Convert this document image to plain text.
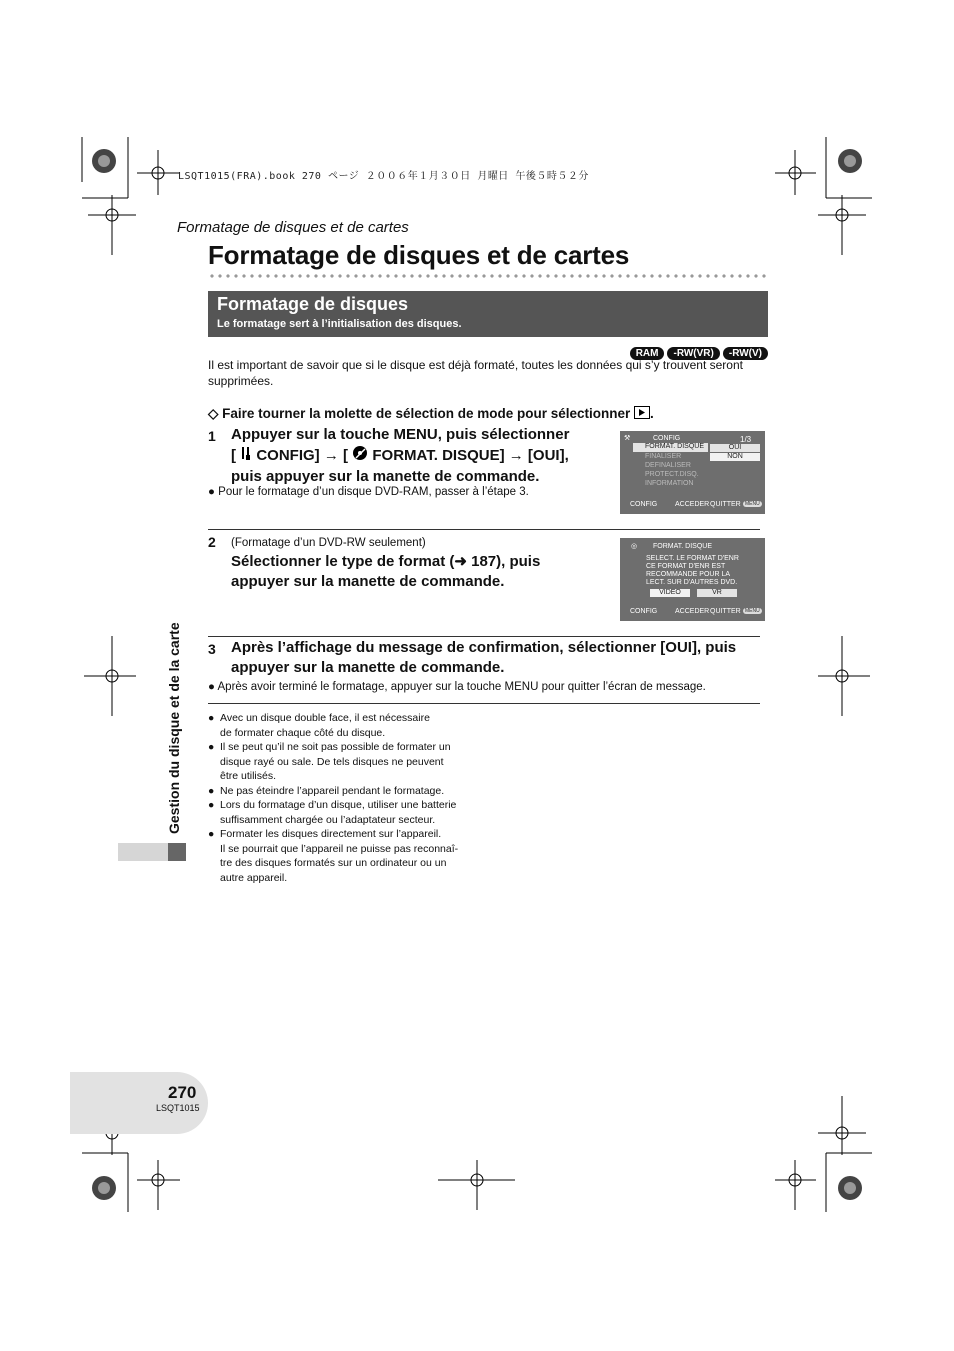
LSQT1015(FRA).book 270 ページ ２００６年１月３０日 月曜日 午後５時５２分
Formatage de disques et de cartes
Formatage de disques et de cartes
Formatage de disques
Le formatage sert à l’initialisation des disques.
RAM -RW(VR) -RW(V)
Il est important de savoir que si le disque est déjà formaté, toutes les données qui s’y trouvent seront supprimées.
◇ Faire tourner la molette de sélection de mode pour sélectionner .
1 Appuyer sur la touche MENU, puis sélectionner
[ CONFIG] → [  FORMAT. DISQUE] → [OUI],
puis appuyer sur la manette de commande.
● Pour le formatage d’un disque DVD-RAM, passer à l’étape 3.
⚒	CONFIG	1/3
FORMAT. DISQUE
FINALISER
DEFINALISER
PROTECT.DISQ.
INFORMATION
OUI
NON
CONFIG	ACCEDER QUITTER MENU
2 (Formatage d’un DVD-RW seulement)
Sélectionner le type de format (➜ 187), puis appuyer sur la manette de commande.
◎ FORMAT. DISQUE
SELECT. LE FORMAT D'ENR
CE FORMAT D'ENR EST
RECOMMANDE POUR LA
LECT. SUR D'AUTRES DVD.
VIDEO	VR
CONFIG	ACCEDER QUITTER MENU
3 Après l’affichage du message de confirmation, sélectionner [OUI], puis appuyer sur la manette de commande.
● Après avoir terminé le formatage, appuyer sur la touche MENU pour quitter l’écran de message.
● Avec un disque double face, il est nécessaire
de formater chaque côté du disque.
● Il se peut qu’il ne soit pas possible de formater un
disque rayé ou sale. De tels disques ne peuvent
être utilisés.
● Ne pas éteindre l’appareil pendant le formatage.
● Lors du formatage d’un disque, utiliser une batterie
suffisamment chargée ou l’adaptateur secteur.
● Formater les disques directement sur l’appareil.
Il se pourrait que l’appareil ne puisse pas reconnaî-
tre des disques formatés sur un ordinateur ou un
autre appareil.
Gestion du disque et de la carte
270
LSQT1015
